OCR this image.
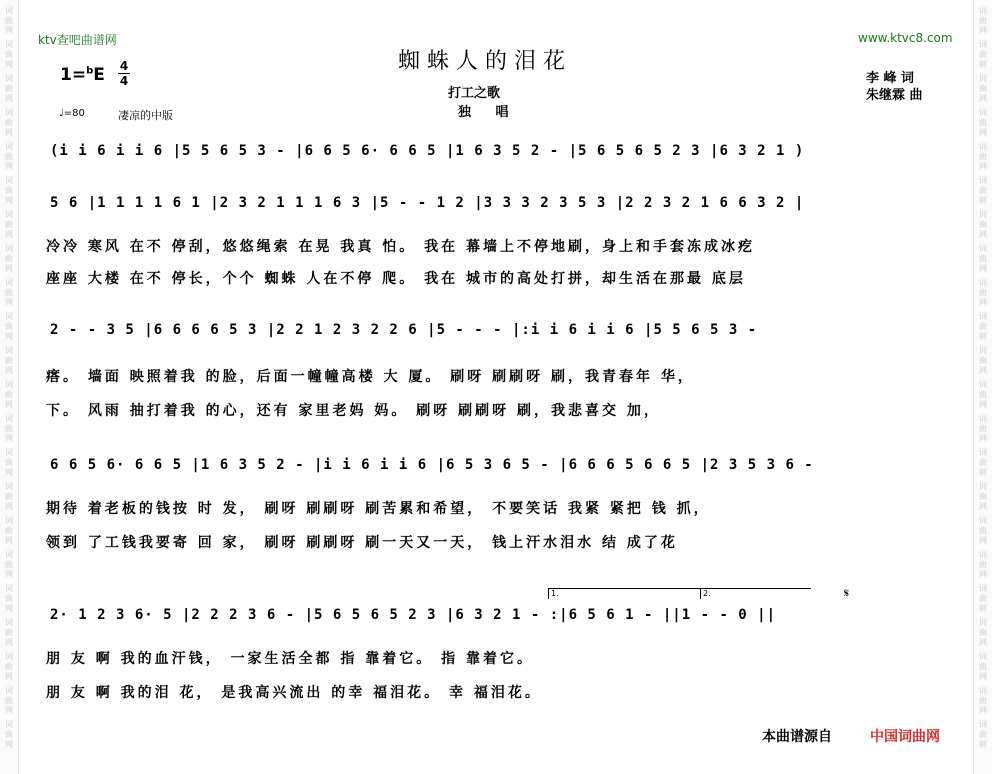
词曲网
词曲网
词曲网
词曲网
词曲网
词曲网
词曲网
词曲网
词曲网
词曲网
词曲网
词曲网
词曲网
词曲网
词曲网
词曲网
词曲网
词曲网
词曲网
词曲网
词曲网
词曲网
词曲网
词曲网
词曲网
词曲网
词曲网
词曲网
词曲网
词曲网
词曲网
词曲网
词曲网
词曲网
词曲网
词曲网
词曲网
词曲网
词曲网
词曲网
词曲网
词曲网
词曲网
词曲网
ktv查吧曲谱网	www.ktvc8.com
蜘蛛人的泪花
打工之歌
独 唱
李 峰 词
朱继霖 曲
1=$^b$E 4
4
♩=80	凄凉的中版
(i i 6 i i 6 |5 5 6 5 3 - |6 6 5 6· 6 6 5 |1 6 3 5 2 - |5 6 5 6 5 2 3 |6 3 2 1 )
5 6 |1 1 1 1 6 1 |2 3 2 1 1 1 6 3 |5 - - 1 2 |3 3 3 2 3 5 3 |2 2 3 2 1 6 6 3 2 |
冷冷 寒风 在不 停刮，悠悠绳索 在晃 我真 怕。 我在 幕墙上不停地刷，身上和手套冻成冰疙
座座 大楼 在不 停长，个个 蜘蛛 人在不停 爬。 我在 城市的高处打拼，却生活在那最 底层
2 - - 3 5 |6 6 6 6 5 3 |2 2 1 2 3 2 2 6 |5 - - - |:i i 6 i i 6 |5 5 6 5 3 -
瘩。 墙面 映照着我 的脸，后面一幢幢高楼 大 厦。 刷呀 刷刷呀 刷，我青春年 华，
下。 风雨 抽打着我 的心，还有 家里老妈 妈。 刷呀 刷刷呀 刷，我悲喜交 加，
6 6 5 6· 6 6 5 |1 6 3 5 2 - |i i 6 i i 6 |6 5 3 6 5 - |6 6 6 5 6 6 5 |2 3 5 3 6 -
期待 着老板的钱按 时 发， 刷呀 刷刷呀 刷苦累和希望， 不要笑话 我紧 紧把 钱 抓，
领到 了工钱我要寄 回 家， 刷呀 刷刷呀 刷一天又一天， 钱上汗水泪水 结 成了花
1.	2.	𝄋
2· 1 2 3 6· 5 |2 2 2 3 6 - |5 6 5 6 5 2 3 |6 3 2 1 - :|6 5 6 1 - ||1 - - 0 ||
朋 友 啊 我的血汗钱， 一家生活全都 指 靠着它。 指 靠着它。
朋 友 啊 我的泪 花， 是我高兴流出 的幸 福泪花。 幸 福泪花。
本曲谱源自	中国词曲网
